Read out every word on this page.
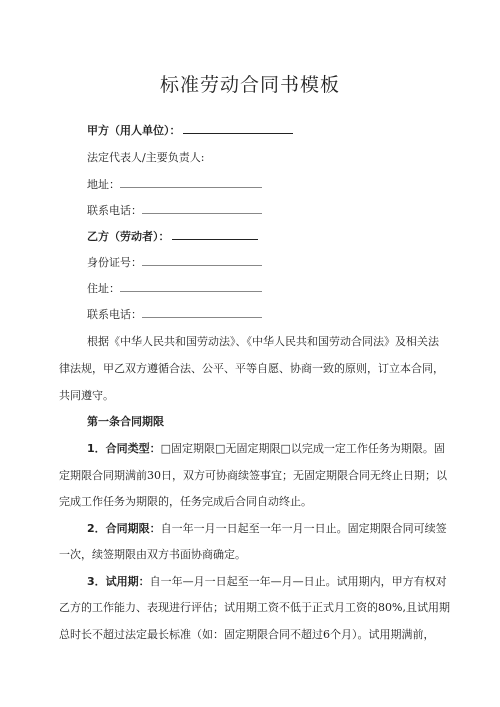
标准劳动合同书模板
甲方（用人单位）：
法定代表人/主要负责人:
地址：
联系电话：
乙方（劳动者）：
身份证号：
住址：
联系电话：
根据《中华人民共和国劳动法》、《中华人民共和国劳动合同法》及相关法
律法规，甲乙双方遵循合法、公平、平等自愿、协商一致的原则，订立本合同，
共同遵守。
第一条合同期限
1．合同类型：□固定期限□无固定期限□以完成一定工作任务为期限。固
定期限合同期满前30日，双方可协商续签事宜；无固定期限合同无终止日期；以
完成工作任务为期限的，任务完成后合同自动终止。
2．合同期限：自一年一月一日起至一年一月一日止。固定期限合同可续签
一次，续签期限由双方书面协商确定。
3．试用期：自一年—月一日起至一年—月—日止。试用期内，甲方有权对
乙方的工作能力、表现进行评估；试用期工资不低于正式月工资的80%,且试用期
总时长不超过法定最长标准（如：固定期限合同不超过6个月）。试用期满前，
